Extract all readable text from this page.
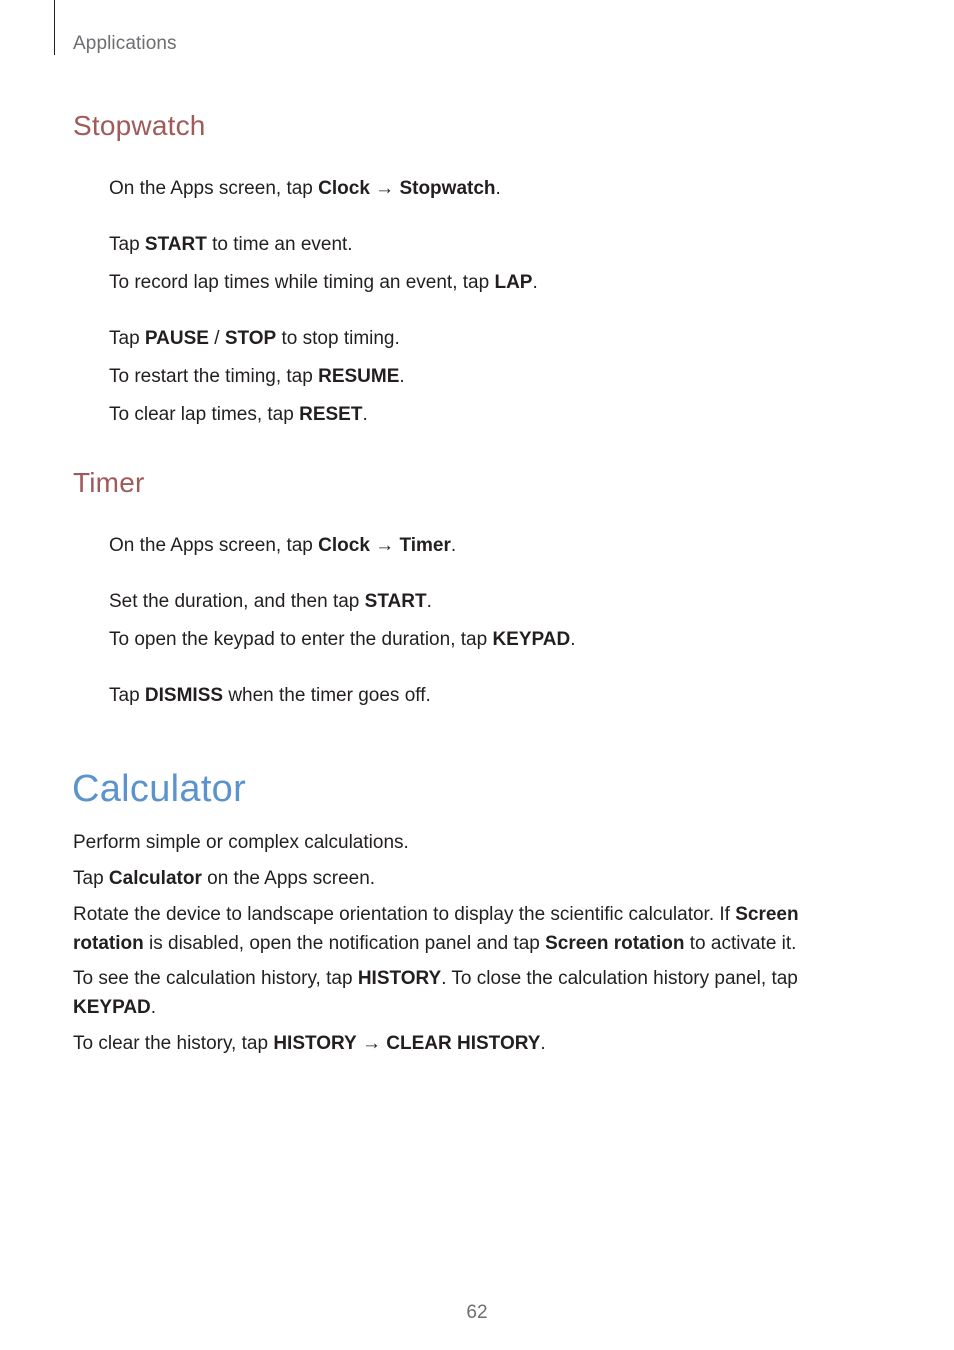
Applications
Stopwatch
On the Apps screen, tap Clock → Stopwatch.
Tap START to time an event.
To record lap times while timing an event, tap LAP.
Tap PAUSE / STOP to stop timing.
To restart the timing, tap RESUME.
To clear lap times, tap RESET.
Timer
On the Apps screen, tap Clock → Timer.
Set the duration, and then tap START.
To open the keypad to enter the duration, tap KEYPAD.
Tap DISMISS when the timer goes off.
Calculator
Perform simple or complex calculations.
Tap Calculator on the Apps screen.
Rotate the device to landscape orientation to display the scientific calculator. If Screen rotation is disabled, open the notification panel and tap Screen rotation to activate it.
To see the calculation history, tap HISTORY. To close the calculation history panel, tap KEYPAD.
To clear the history, tap HISTORY → CLEAR HISTORY.
62
